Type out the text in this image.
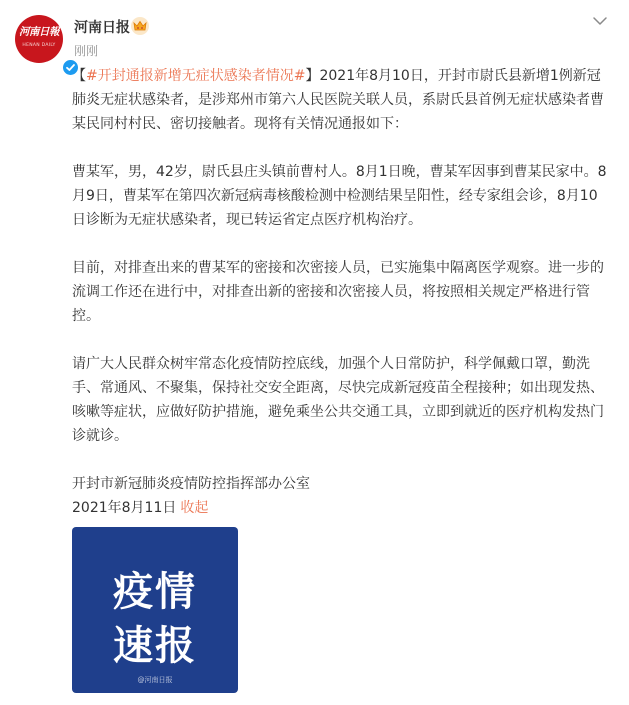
河南日報
HENAN DAILY
河南日报
刚刚

【#开封通报新增无症状感染者情况#】2021年8月10日，开封市尉氏县新增1例新冠肺炎无症状感染者，是涉郑州市第六人民医院关联人员，系尉氏县首例无症状感染者曹某民同村村民、密切接触者。现将有关情况通报如下：

曹某军，男，42岁，尉氏县庄头镇前曹村人。8月1日晚，曹某军因事到曹某民家中。8月9日，曹某军在第四次新冠病毒核酸检测中检测结果呈阳性，经专家组会诊，8月10日诊断为无症状感染者，现已转运省定点医疗机构治疗。

目前，对排查出来的曹某军的密接和次密接人员，已实施集中隔离医学观察。进一步的流调工作还在进行中，对排查出新的密接和次密接人员，将按照相关规定严格进行管控。

请广大人民群众树牢常态化疫情防控底线，加强个人日常防护，科学佩戴口罩，勤洗手、常通风、不聚集，保持社交安全距离，尽快完成新冠疫苗全程接种；如出现发热、咳嗽等症状，应做好防护措施，避免乘坐公共交通工具，立即到就近的医疗机构发热门诊就诊。

开封市新冠肺炎疫情防控指挥部办公室

2021年8月11日 收起

疫情
速报
@河南日报
